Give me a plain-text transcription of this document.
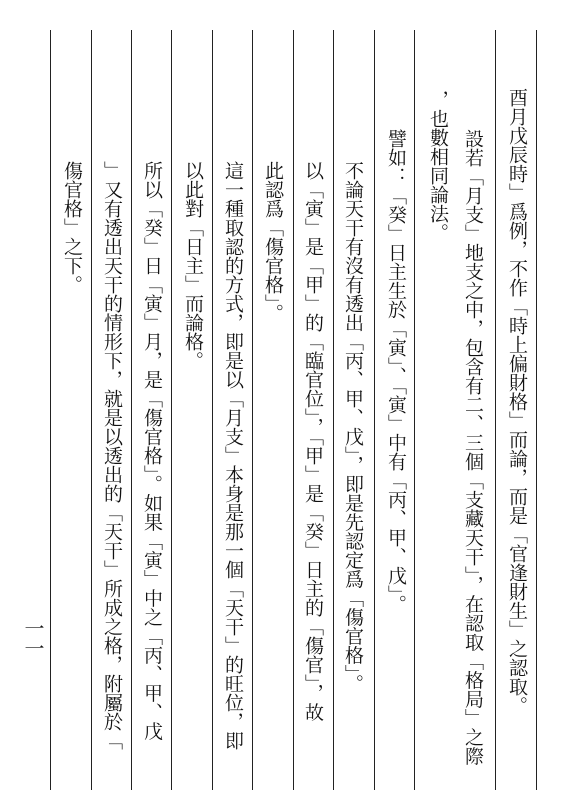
酉月戊辰時」爲例，不作「時上偏財格」而論，而是「官逢財生」之認取。
設若「月支」地支之中，包含有二、三個「支藏天干」，在認取「格局」之際
，也數相同論法。
譬如：「癸」日主生於「寅」、「寅」中有「丙、甲、戊」。
不論天干有沒有透出「丙、甲、戊」，即是先認定爲「傷官格」。
以「寅」是「甲」的「臨官位」，「甲」是「癸」日主的「傷官」，故
此認爲「傷官格」。
這一種取認的方式，即是以「月支」本身是那一個「天干」的旺位，即
以此對「日主」而論格。
所以「癸」日「寅」月，是「傷官格」。如果「寅」中之「丙、甲、戊
」又有透出天干的情形下，就是以透出的「天干」所成之格，附屬於「
傷官格」之下。
一一
